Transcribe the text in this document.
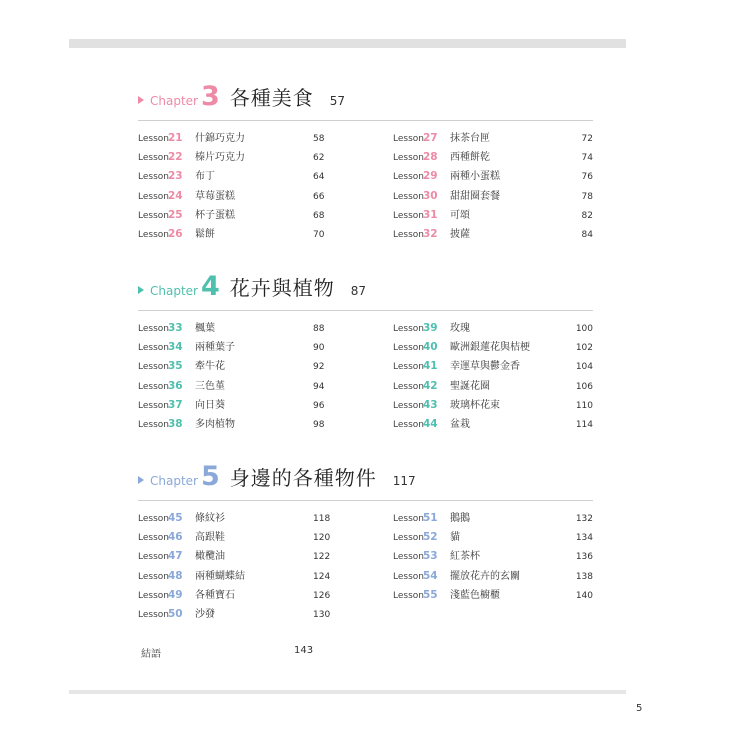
Chapter 3 各種美食 57
Lesson 21	什錦巧克力	58
Lesson 22	榛片巧克力	62
Lesson 23	布丁	64
Lesson 24	草莓蛋糕	66
Lesson 25	杯子蛋糕	68
Lesson 26	鬆餅	70
Lesson 27	抹茶台匣	72
Lesson 28	西種餅乾	74
Lesson 29	兩種小蛋糕	76
Lesson 30	甜甜圈套餐	78
Lesson 31	可頌	82
Lesson 32	披薩	84
Chapter 4 花卉與植物 87
Lesson 33	楓葉	88
Lesson 34	兩種葉子	90
Lesson 35	牽牛花	92
Lesson 36	三色堇	94
Lesson 37	向日葵	96
Lesson 38	多肉植物	98
Lesson 39	玫瑰	100
Lesson 40	歐洲銀蓮花與桔梗	102
Lesson 41	幸運草與鬱金香	104
Lesson 42	聖誕花圈	106
Lesson 43	玻璃杯花束	110
Lesson 44	盆栽	114
Chapter 5 身邊的各種物件 117
Lesson 45	條紋衫	118
Lesson 46	高跟鞋	120
Lesson 47	橄欖油	122
Lesson 48	兩種蝴蝶結	124
Lesson 49	各種寶石	126
Lesson 50	沙發	130
Lesson 51	鵝鵝	132
Lesson 52	貓	134
Lesson 53	紅茶杯	136
Lesson 54	擺放花卉的玄關	138
Lesson 55	淺藍色櫥櫃	140
結語	143
5
